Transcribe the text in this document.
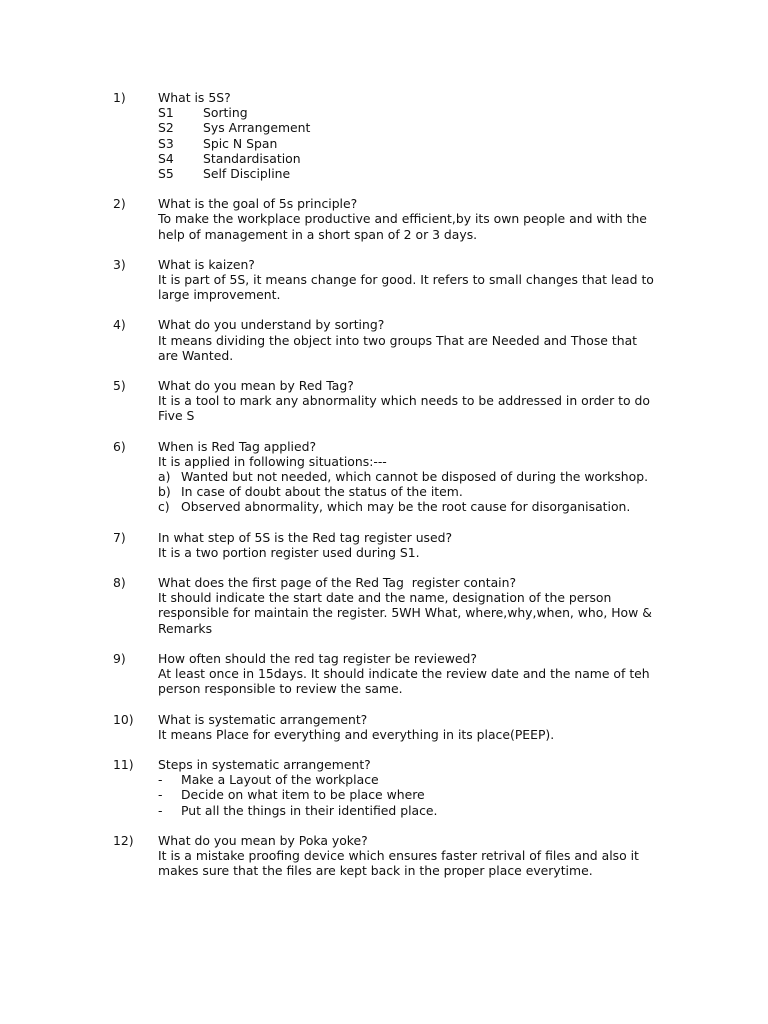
1)	What is 5S?
S1	Sorting
S2	Sys Arrangement
S3	Spic N Span
S4	Standardisation
S5	Self Discipline
2)	What is the goal of 5s principle?
To make the workplace productive and efficient,by its own people and with the help of management in a short span of 2 or 3 days.
3)	What is kaizen?
It is part of 5S, it means change for good. It refers to small changes that lead to large improvement.
4)	What do you understand by sorting?
It means dividing the object into two groups That are Needed and Those that are Wanted.
5)	What do you mean by Red Tag?
It is a tool to mark any abnormality which needs to be addressed in order to do Five S
6)	When is Red Tag applied?
It is applied in following situations:---
a) Wanted but not needed, which cannot be disposed of during the workshop.
b) In case of doubt about the status of the item.
c) Observed abnormality, which may be the root cause for disorganisation.
7)	In what step of 5S is the Red tag register used?
It is a two portion register used during S1.
8)	What does the first page of the Red Tag  register contain?
It should indicate the start date and the name, designation of the person responsible for maintain the register. 5WH What, where,why,when, who, How & Remarks
9)	How often should the red tag register be reviewed?
At least once in 15days. It should indicate the review date and the name of teh person responsible to review the same.
10)	What is systematic arrangement?
It means Place for everything and everything in its place(PEEP).
11)	Steps in systematic arrangement?
-	Make a Layout of the workplace
-	Decide on what item to be place where
-	Put all the things in their identified place.
12)	What do you mean by Poka yoke?
It is a mistake proofing device which ensures faster retrival of files and also it makes sure that the files are kept back in the proper place everytime.
